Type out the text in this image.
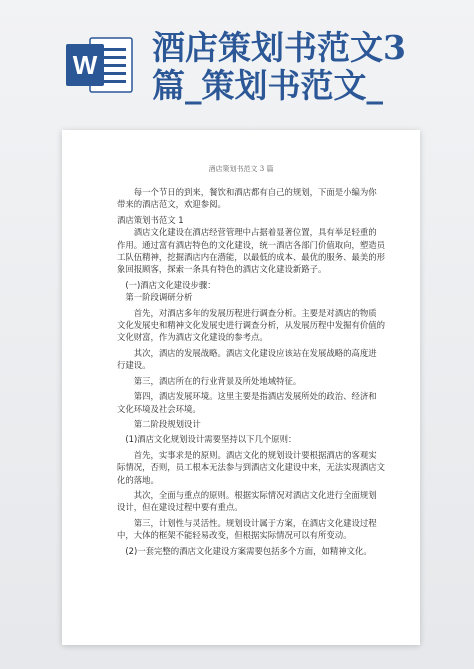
W 酒店策划书范文3
篇_策划书范文_
酒店策划书范文 3 篇

每一个节日的到来，餐饮和酒店都有自己的规划，下面是小编为你带来的酒店范文，欢迎参阅。

酒店策划书范文 1

酒店文化建设在酒店经营管理中占据着显著位置，具有举足轻重的作用。通过富有酒店特色的文化建设，统一酒店各部门价值取向，塑造员工队伍精神，挖掘酒店内在潜能，以最低的成本、最优的服务、最美的形象回报顾客，探索一条具有特色的酒店文化建设新路子。

(一)酒店文化建设步骤：

第一阶段调研分析

首先，对酒店多年的发展历程进行调查分析。主要是对酒店的物质文化发展史和精神文化发展史进行调查分析，从发展历程中发掘有价值的文化财富，作为酒店文化建设的参考点。

其次，酒店的发展战略。酒店文化建设应该站在发展战略的高度进行建设。

第三，酒店所在的行业背景及所处地域特征。

第四，酒店发展环境。这里主要是指酒店发展所处的政治、经济和文化环境及社会环境。

第二阶段规划设计

(1)酒店文化规划设计需要坚持以下几个原则：

首先，实事求是的原则。酒店文化的规划设计要根据酒店的客观实际情况，否则，员工根本无法参与到酒店文化建设中来，无法实现酒店文化的落地。

其次，全面与重点的原则。根据实际情况对酒店文化进行全面规划设计，但在建设过程中要有重点。

第三，计划性与灵活性。规划设计属于方案，在酒店文化建设过程中，大体的框架不能轻易改变，但根据实际情况可以有所变动。

(2)一套完整的酒店文化建设方案需要包括多个方面，如精神文化。
